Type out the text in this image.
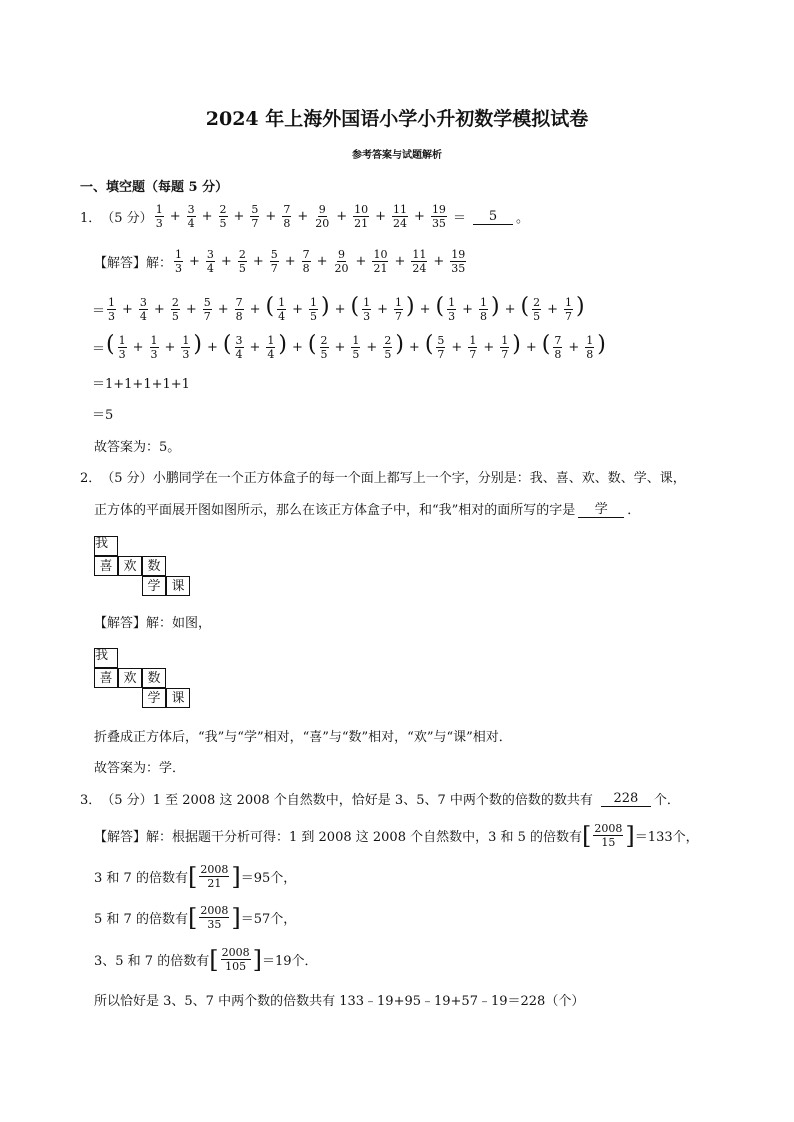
2024 年上海外国语小学小升初数学模拟试卷
参考答案与试题解析
一、填空题（每题 5 分）
1． （5 分） $\frac{1}{3} + \frac{3}{4} + \frac{2}{5} + \frac{5}{7} + \frac{7}{8} + \frac{9}{20} + \frac{10}{21} + \frac{11}{24} + \frac{19}{35}$ ＝	5	。
【解答】解： $\frac{1}{3} + \frac{3}{4} + \frac{2}{5} + \frac{5}{7} + \frac{7}{8} + \frac{9}{20} + \frac{10}{21} + \frac{11}{24} + \frac{19}{35}$
＝ $\frac{1}{3} + \frac{3}{4} + \frac{2}{5} + \frac{5}{7} + \frac{7}{8}$ + ( $\frac{1}{4} + \frac{1}{5}$ ) + ( $\frac{1}{3} + \frac{1}{7}$ ) + ( $\frac{1}{3} + \frac{1}{8}$ ) + ( $\frac{2}{5} + \frac{1}{7}$ )
＝ ( $\frac{1}{3} + \frac{1}{3} + \frac{1}{3}$ ) + ( $\frac{3}{4} + \frac{1}{4}$ ) + ( $\frac{2}{5} + \frac{1}{5} + \frac{2}{5}$ ) + ( $\frac{5}{7} + \frac{1}{7} + \frac{1}{7}$ ) + ( $\frac{7}{8} + \frac{1}{8}$ )
＝1+1+1+1+1
＝5
故答案为：5。
2． （5 分） 小鹏同学在一个正方体盒子的每一个面上都写上一个字，分别是：我、喜、欢、数、学、课，
正方体的平面展开图如图所示，那么在该正方体盒子中，和“我”相对的面所写的字是	学	．
我
喜 欢 数
学 课
【解答】解：如图，
我
喜 欢 数
学 课
折叠成正方体后，“我”与“学”相对，“喜”与“数”相对，“欢”与“课”相对．
故答案为：学．
3． （5 分） 1 至 2008 这 2008 个自然数中，恰好是 3、5、7 中两个数的倍数的数共有	228	个．
【解答】解：根据题干分析可得：1 到 2008 这 2008 个自然数中，3 和 5 的倍数有 [ $\frac{2008}{15}$ ] ＝133个，
3 和 7 的倍数有 [ $\frac{2008}{21}$ ] ＝95个，
5 和 7 的倍数有 [ $\frac{2008}{35}$ ] ＝57个，
3、5 和 7 的倍数有 [ $\frac{2008}{105}$ ] ＝19个．
所以恰好是 3、5、7 中两个数的倍数共有 133﹣19+95﹣19+57﹣19＝228（个）
